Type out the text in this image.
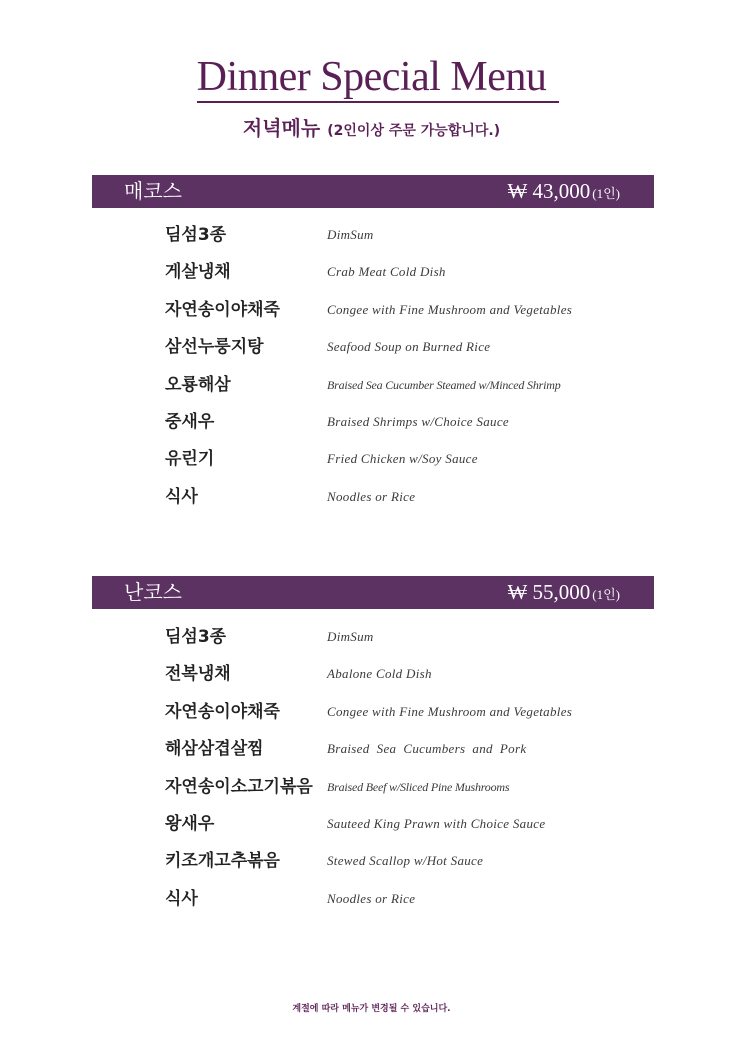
Dinner Special Menu
저녁메뉴 (2인이상 주문 가능합니다.)
매코스	₩ 43,000 (1인)
딤섬3종	DimSum
게살냉채	Crab Meat Cold Dish
자연송이야채죽	Congee with Fine Mushroom and Vegetables
삼선누룽지탕	Seafood Soup on Burned Rice
오룡해삼	Braised Sea Cucumber Steamed w/Minced Shrimp
중새우	Braised Shrimps w/Choice Sauce
유린기	Fried Chicken w/Soy Sauce
식사	Noodles or Rice
난코스	₩ 55,000 (1인)
딤섬3종	DimSum
전복냉채	Abalone Cold Dish
자연송이야채죽	Congee with Fine Mushroom and Vegetables
해삼삼겹살찜	Braised  Sea  Cucumbers  and  Pork
자연송이소고기볶음 Braised Beef w/Sliced Pine Mushrooms
왕새우	Sauteed King Prawn with Choice Sauce
키조개고추볶음	Stewed Scallop w/Hot Sauce
식사	Noodles or Rice
계절에 따라 메뉴가 변경될 수 있습니다.
